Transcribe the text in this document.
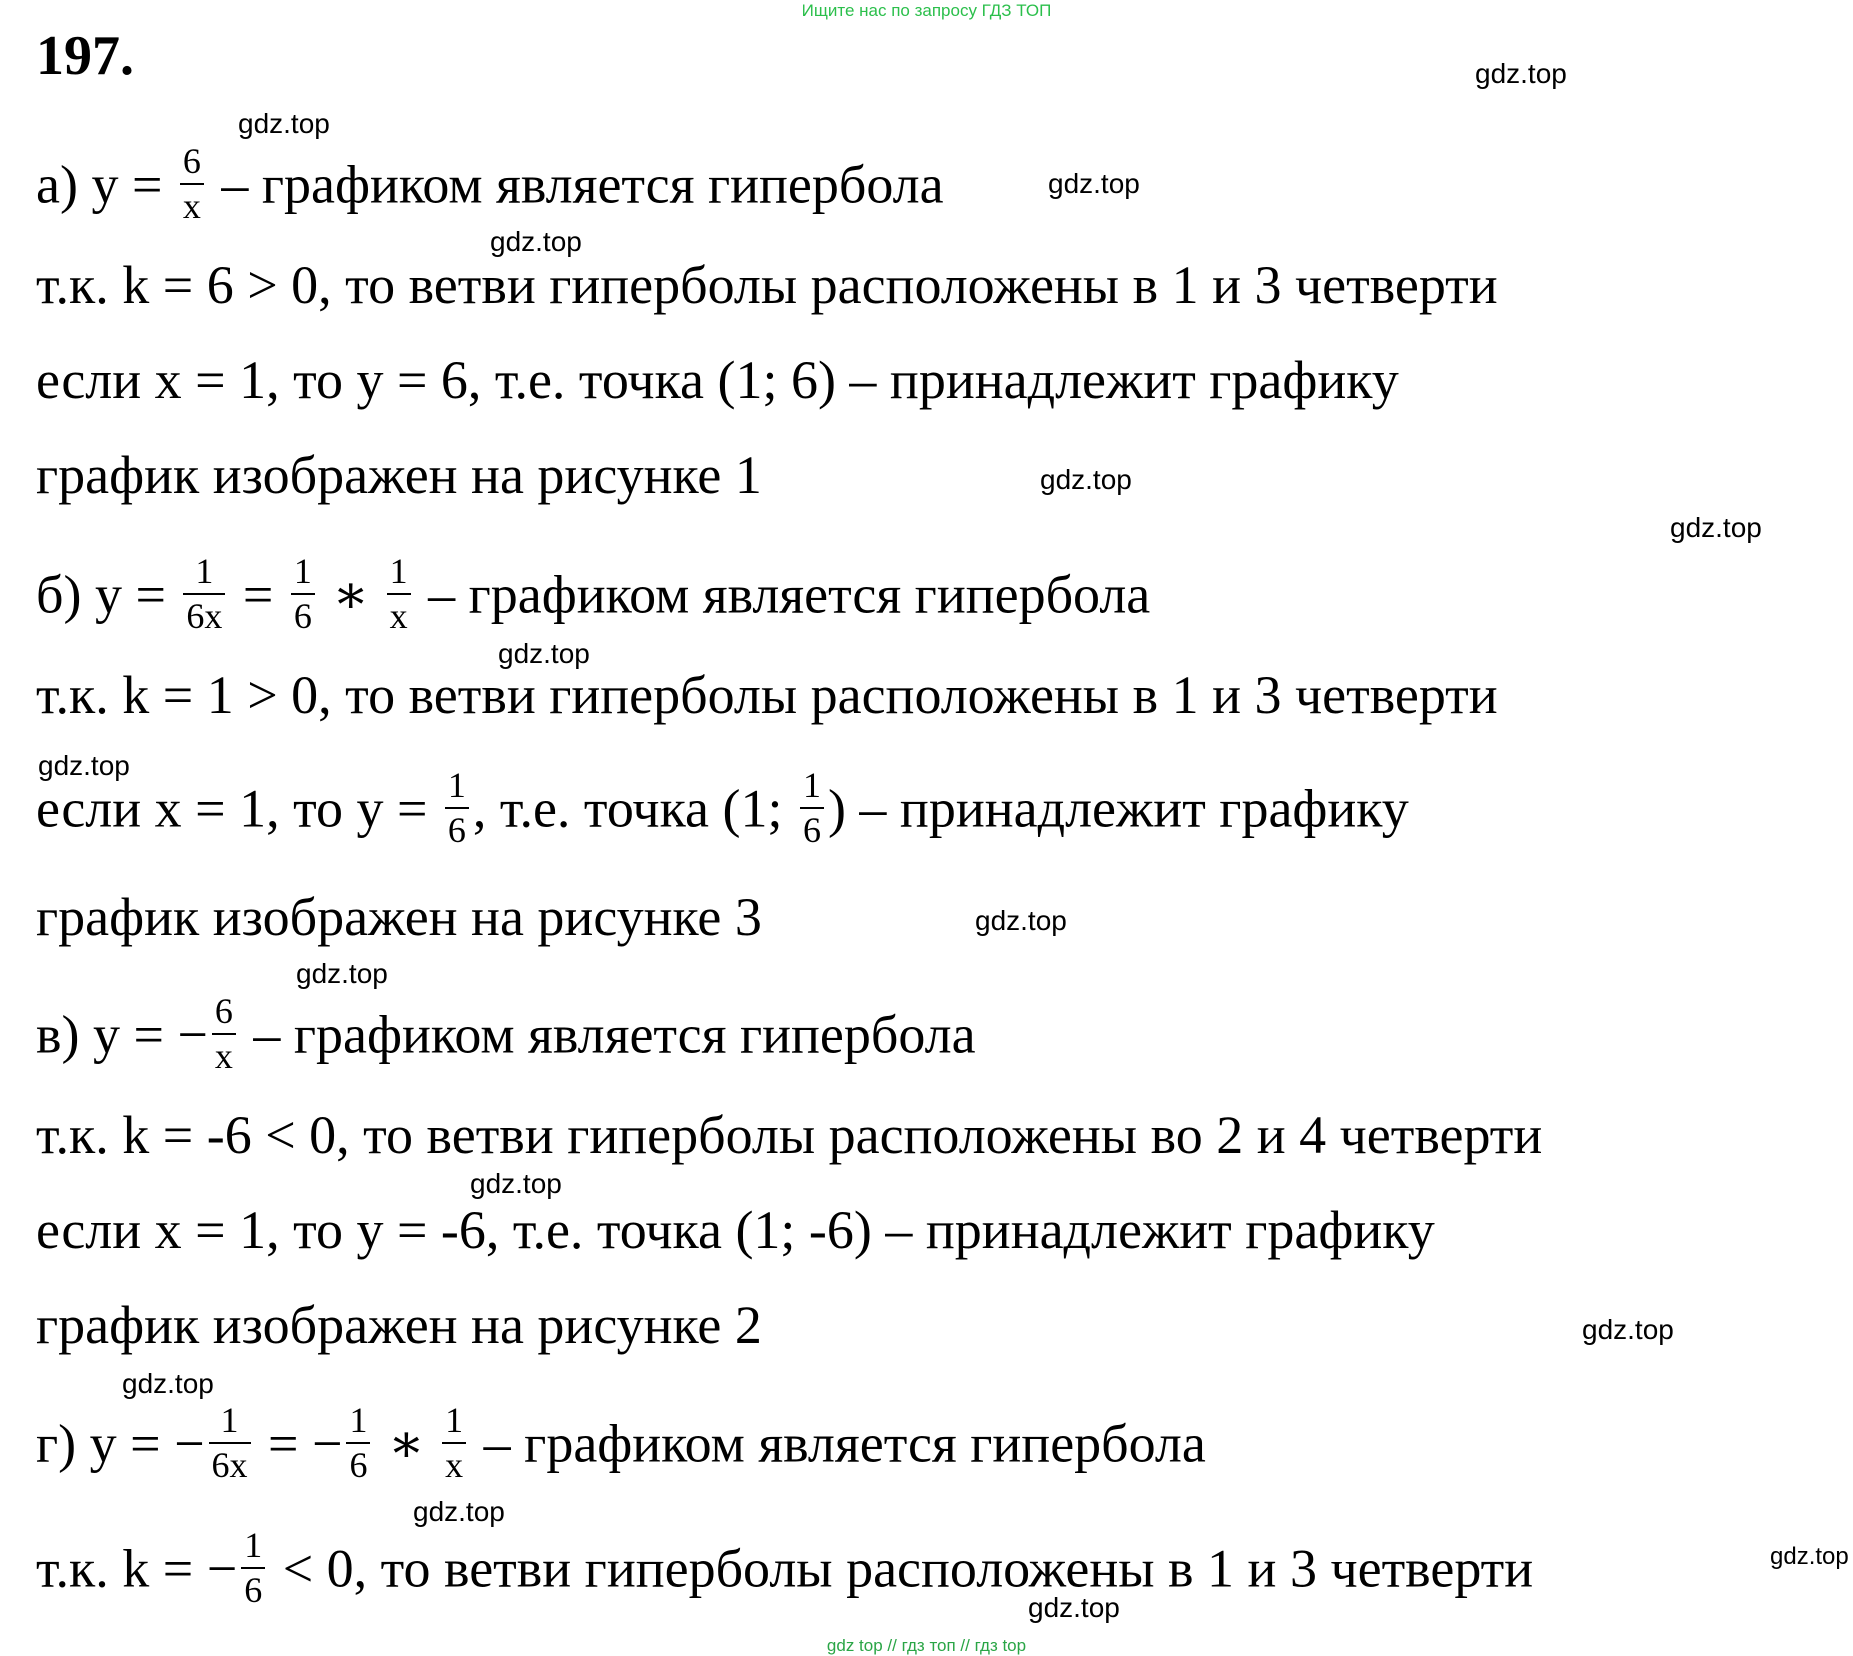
Ищите нас по запросу ГДЗ ТОП
197.	gdz.top
gdz.top
gdz.top
gdz.top
gdz.top
gdz.top
gdz.top
gdz.top
gdz.top
gdz.top
gdz.top
gdz.top
gdz.top
gdz.top
gdz.top
gdz.top
а) $y = \frac{6}{x}$ – графиком является гипербола
т.к. k = 6 > 0, то ветви гиперболы расположены в 1 и 3 четверти
если x = 1, то y = 6, т.е. точка (1; 6) – принадлежит графику
график изображен на рисунке 1
б) $y = \frac{1}{6x} = \frac{1}{6}$ ∗ $\frac{1}{x}$ – графиком является гипербола
т.к. k = 1 > 0, то ветви гиперболы расположены в 1 и 3 четверти
если x = 1, то $y = \frac{1}{6}$ , т.е. точка (1; $\frac{1}{6}$ ) – принадлежит графику
график изображен на рисунке 3
в) y = − $\frac{6}{x}$ – графиком является гипербола
т.к. k = -6 < 0, то ветви гиперболы расположены во 2 и 4 четверти
если x = 1, то y = -6, т.е. точка (1; -6) – принадлежит графику
график изображен на рисунке 2
г) y = − $\frac{1}{6x}$ = − $\frac{1}{6}$ ∗ $\frac{1}{x}$ – графиком является гипербола
т.к. k = − $\frac{1}{6} < 0$, то ветви гиперболы расположены в 1 и 3 четверти
gdz top // гдз топ // гдз top
